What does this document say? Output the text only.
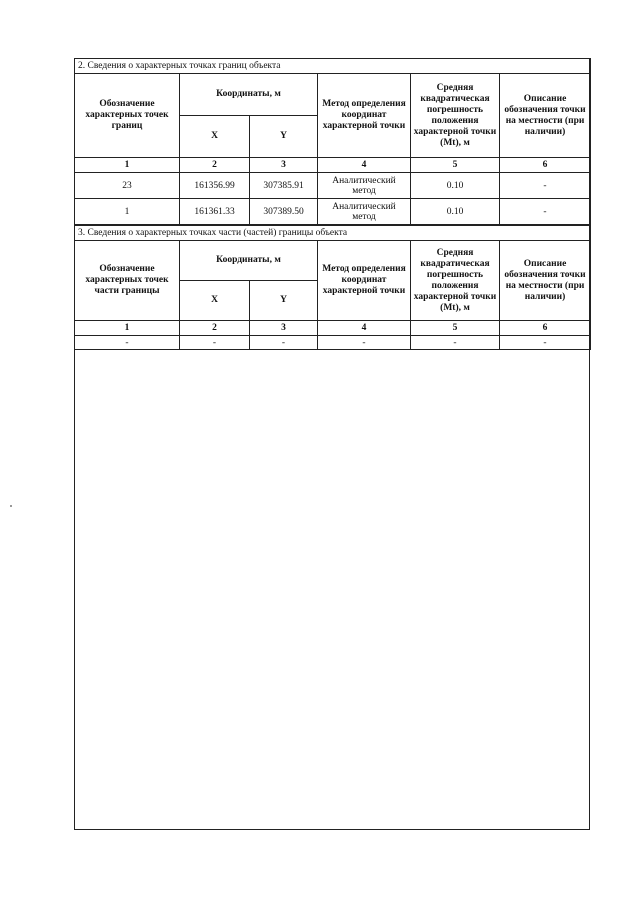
2. Сведения о характерных точках границ объекта					
Обозначение характерных точек границ	Координаты, м		Метод определения координат характерной точки	Средняя квадратическая погрешность положения характерной точки (Mt), м	Описание обозначения точки на местности (при наличии)
	X	Y			
1	2	3	4	5	6
23	161356.99	307385.91	Аналитический метод	0.10	-
1	161361.33	307389.50	Аналитический метод	0.10	-
3. Сведения о характерных точках части (частей) границы объекта					
Обозначение характерных точек части границы	Координаты, м		Метод определения координат характерной точки	Средняя квадратическая погрешность положения характерной точки (Mt), м	Описание обозначения точки на местности (при наличии)
	X	Y			
1	2	3	4	5	6
-	-	-	-	-	-
